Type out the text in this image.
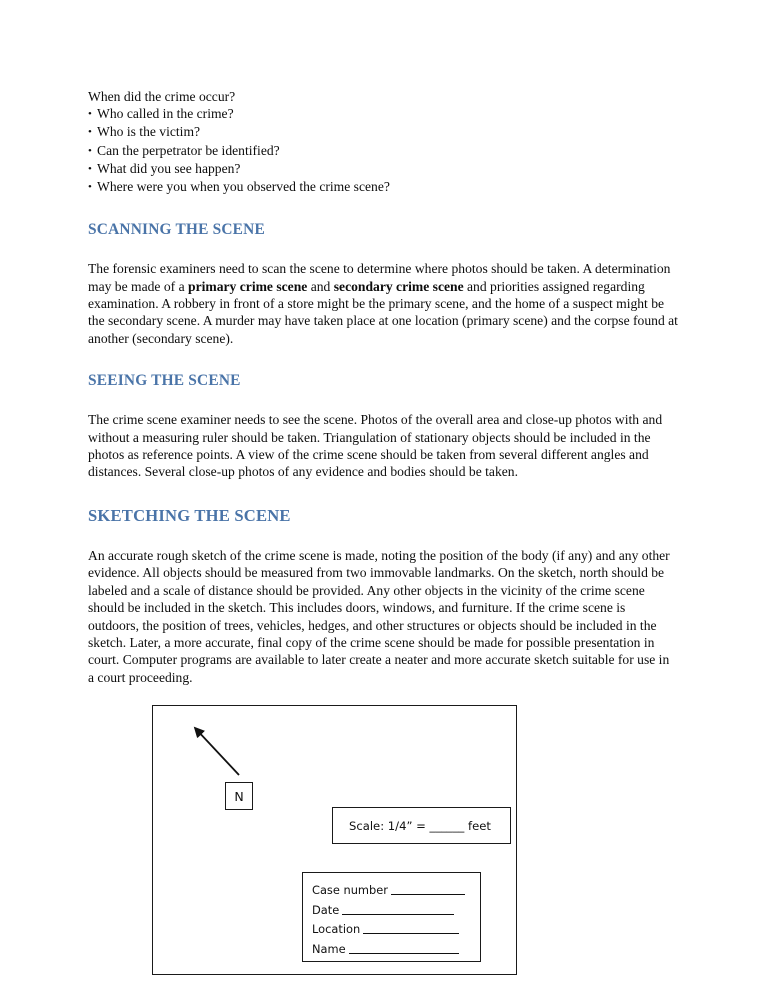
When did the crime occur?
• Who called in the crime?
• Who is the victim?
• Can the perpetrator be identified?
• What did you see happen?
• Where were you when you observed the crime scene?
SCANNING THE SCENE

The forensic examiners need to scan the scene to determine where photos should be taken. A determination may be made of a primary crime scene and secondary crime scene and priorities assigned regarding examination. A robbery in front of a store might be the primary scene, and the home of a suspect might be the secondary scene. A murder may have taken place at one location (primary scene) and the corpse found at another (secondary scene).

SEEING THE SCENE

The crime scene examiner needs to see the scene. Photos of the overall area and close-up photos with and without a measuring ruler should be taken. Triangulation of stationary objects should be included in the photos as reference points. A view of the crime scene should be taken from several different angles and distances. Several close-up photos of any evidence and bodies should be taken.

SKETCHING THE SCENE

An accurate rough sketch of the crime scene is made, noting the position of the body (if any) and any other evidence. All objects should be measured from two immovable landmarks. On the sketch, north should be labeled and a scale of distance should be provided. Any other objects in the vicinity of the crime scene should be included in the sketch. This includes doors, windows, and furniture. If the crime scene is outdoors, the position of trees, vehicles, hedges, and other structures or objects should be included in the sketch. Later, a more accurate, final copy of the crime scene should be made for possible presentation in court. Computer programs are available to later create a neater and more accurate sketch suitable for use in a court proceeding.

N
Scale: 1/4” = ______ feet
Case number
Date
Location
Name
